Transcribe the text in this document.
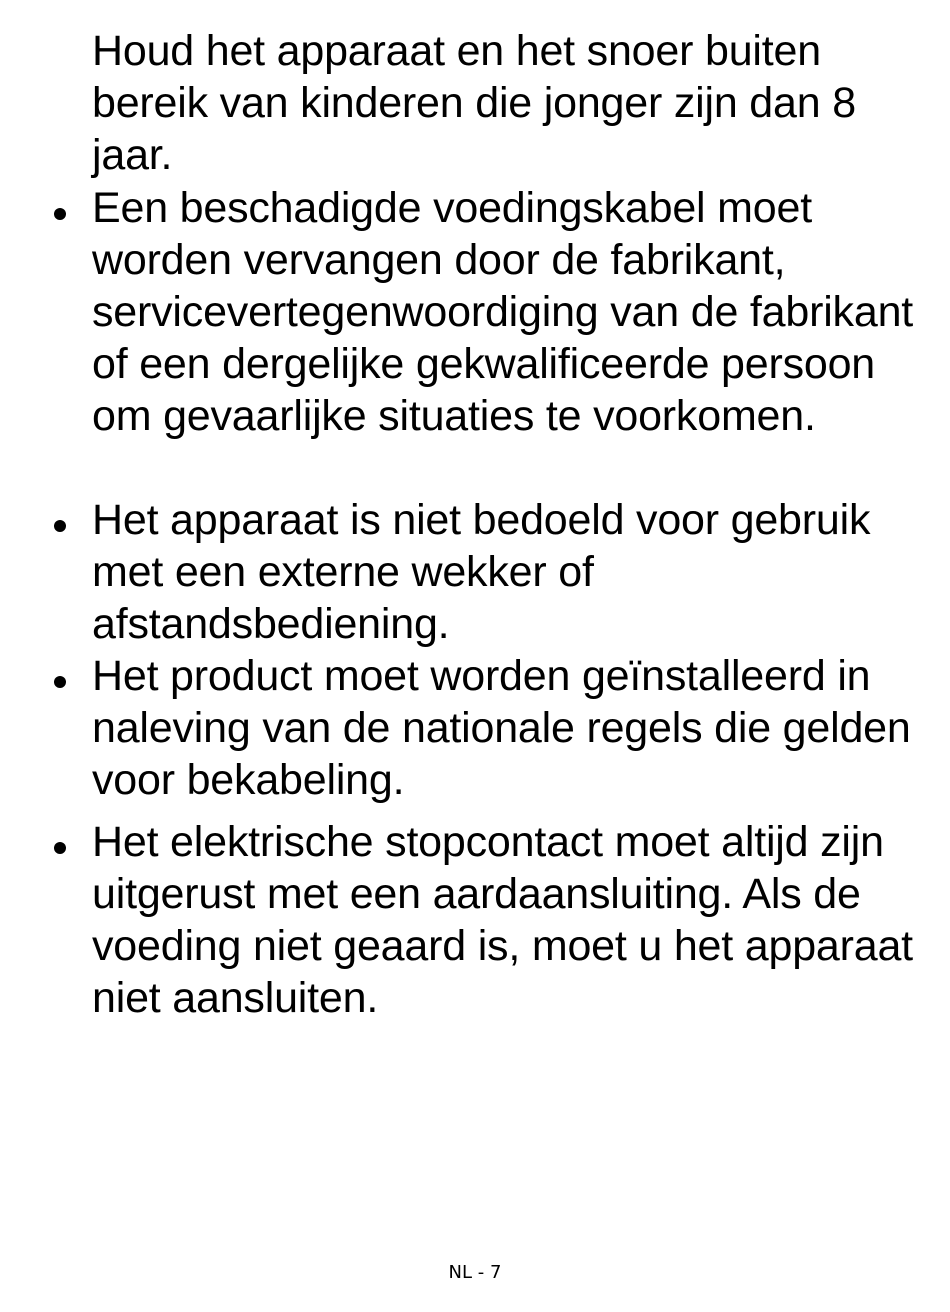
Houd het apparaat en het snoer buiten bereik van kinderen die jonger zijn dan 8 jaar.
Een beschadigde voedingskabel moet worden vervangen door de fabrikant, servicevertegenwoordiging van de fabrikant of een dergelijke gekwalificeerde persoon om gevaarlijke situaties te voorkomen.
Het apparaat is niet bedoeld voor gebruik met een externe wekker of afstandsbediening.
Het product moet worden geïnstalleerd in naleving van de nationale regels die gelden voor bekabeling.
Het elektrische stopcontact moet altijd zijn uitgerust met een aardaansluiting. Als de voeding niet geaard is, moet u het apparaat niet aansluiten.
NL - 7
